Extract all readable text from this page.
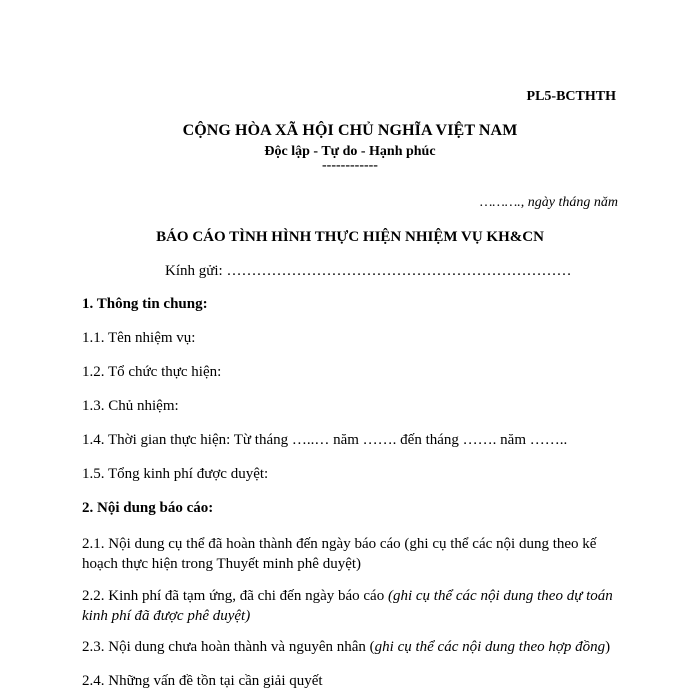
PL5-BCTHTH
CỘNG HÒA XÃ HỘI CHỦ NGHĨA VIỆT NAM
Độc lập - Tự do - Hạnh phúc
------------
………., ngày tháng năm
BÁO CÁO TÌNH HÌNH THỰC HIỆN NHIỆM VỤ KH&CN
Kính gửi: ……………………………………………………………
1. Thông tin chung:
1.1. Tên nhiệm vụ:
1.2. Tổ chức thực hiện:
1.3. Chủ nhiệm:
1.4. Thời gian thực hiện: Từ tháng …..… năm ……. đến tháng ……. năm ……..
1.5. Tổng kinh phí được duyệt:
2. Nội dung báo cáo:
2.1. Nội dung cụ thể đã hoàn thành đến ngày báo cáo (ghi cụ thể các nội dung theo kế hoạch thực hiện trong Thuyết minh phê duyệt)
2.2. Kinh phí đã tạm ứng, đã chi đến ngày báo cáo (ghi cụ thể các nội dung theo dự toán kinh phí đã được phê duyệt)
2.3. Nội dung chưa hoàn thành và nguyên nhân (ghi cụ thể các nội dung theo hợp đồng)
2.4. Những vấn đề tồn tại cần giải quyết
